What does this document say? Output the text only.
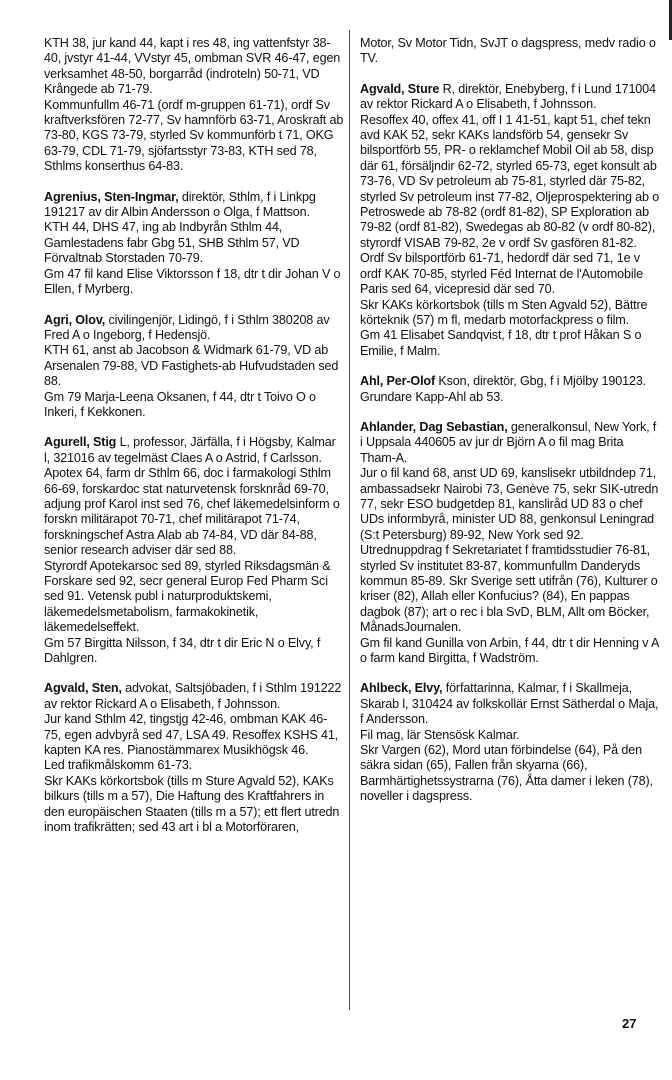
KTH 38, jur kand 44, kapt i res 48, ing vattenfstyr 38-40, jvstyr 41-44, VVstyr 45, ombman SVR 46-47, egen verksamhet 48-50, borgarråd (indroteln) 50-71, VD Krångede ab 71-79.

Kommunfullm 46-71 (ordf m-gruppen 61-71), ordf Sv kraftverksfören 72-77, Sv hamnförb 63-71, Aroskraft ab 73-80, KGS 73-79, styrled Sv kommunförb t 71, OKG 63-79, CDL 71-79, sjöfartsstyr 73-83, KTH sed 78, Sthlms konserthus 64-83.

Agrenius, Sten-Ingmar, direktör, Sthlm, f i Linkpg 191217 av dir Albin Andersson o Olga, f Mattson.

KTH 44, DHS 47, ing ab Indbyrån Sthlm 44, Gamlestadens fabr Gbg 51, SHB Sthlm 57, VD Förvaltnab Storstaden 70-79.

Gm 47 fil kand Elise Viktorsson f 18, dtr t dir Johan V o Ellen, f Myrberg.

Agri, Olov, civilingenjör, Lidingö, f i Sthlm 380208 av Fred A o Ingeborg, f Hedensjö.

KTH 61, anst ab Jacobson & Widmark 61-79, VD ab Arsenalen 79-88, VD Fastighets-ab Hufvudstaden sed 88.

Gm 79 Marja-Leena Oksanen, f 44, dtr t Toivo O o Inkeri, f Kekkonen.

Agurell, Stig L, professor, Järfälla, f i Högsby, Kalmar l, 321016 av tegelmäst Claes A o Astrid, f Carlsson.

Apotex 64, farm dr Sthlm 66, doc i farmakologi Sthlm 66-69, forskardoc stat naturvetensk forsknråd 69-70, adjung prof Karol inst sed 76, chef läkemedelsinform o forskn militärapot 70-71, chef militärapot 71-74, forskningschef Astra Alab ab 74-84, VD där 84-88, senior research adviser där sed 88.

Styrordf Apotekarsoc sed 89, styrled Riksdagsmän & Forskare sed 92, secr general Europ Fed Pharm Sci sed 91. Vetensk publ i naturproduktskemi, läkemedelsmetabolism, farmakokinetik, läkemedelseffekt.

Gm 57 Birgitta Nilsson, f 34, dtr t dir Eric N o Elvy, f Dahlgren.

Agvald, Sten, advokat, Saltsjöbaden, f i Sthlm 191222 av rektor Rickard A o Elisabeth, f Johnsson.

Jur kand Sthlm 42, tingstjg 42-46, ombman KAK 46-75, egen advbyrå sed 47, LSA 49. Resoffex KSHS 41, kapten KA res. Pianostämmarex Musikhögsk 46.

Led trafikmålskomm 61-73.

Skr KAKs körkortsbok (tills m Sture Agvald 52), KAKs bilkurs (tills m a 57), Die Haftung des Kraftfahrers in den europäischen Staaten (tills m a 57); ett flert utredn inom trafikrätten; sed 43 art i bl a Motorföraren,

Motor, Sv Motor Tidn, SvJT o dagspress, medv radio o TV.

Agvald, Sture R, direktör, Enebyberg, f i Lund 171004 av rektor Rickard A o Elisabeth, f Johnsson.

Resoffex 40, offex 41, off I 1 41-51, kapt 51, chef tekn avd KAK 52, sekr KAKs landsförb 54, gensekr Sv bilsportförb 55, PR- o reklamchef Mobil Oil ab 58, disp där 61, försäljndir 62-72, styrled 65-73, eget konsult ab 73-76, VD Sv petroleum ab 75-81, styrled där 75-82, styrled Sv petroleum inst 77-82, Oljeprospektering ab o Petroswede ab 78-82 (ordf 81-82), SP Exploration ab 79-82 (ordf 81-82), Swedegas ab 80-82 (v ordf 80-82), styrordf VISAB 79-82, 2e v ordf Sv gasfören 81-82.

Ordf Sv bilsportförb 61-71, hedordf där sed 71, 1e v ordf KAK 70-85, styrled Féd Internat de l'Automobile Paris sed 64, vicepresid där sed 70.

Skr KAKs körkortsbok (tills m Sten Agvald 52), Bättre körteknik (57) m fl, medarb motorfackpress o film.

Gm 41 Elisabet Sandqvist, f 18, dtr t prof Håkan S o Emilie, f Malm.

Ahl, Per-Olof Kson, direktör, Gbg, f i Mjölby 190123.

Grundare Kapp-Ahl ab 53.

Ahlander, Dag Sebastian, generalkonsul, New York, f i Uppsala 440605 av jur dr Björn A o fil mag Brita Tham-A.

Jur o fil kand 68, anst UD 69, kanslisekr utbildndep 71, ambassadsekr Nairobi 73, Genève 75, sekr SIK-utredn 77, sekr ESO budgetdep 81, kanslіråd UD 83 o chef UDs informbyrå, minister UD 88, genkonsul Leningrad (S:t Petersburg) 89-92, New York sed 92.

Utrednuppdrag f Sekretariatet f framtidsstudier 76-81, styrled Sv institutet 83-87, kommunfullm Danderyds kommun 85-89. Skr Sverige sett utifrån (76), Kulturer o kriser (82), Allah eller Konfucius? (84), En pappas dagbok (87); art o rec i bla SvD, BLM, Allt om Böcker, MånadsJournalen.

Gm fil kand Gunilla von Arbin, f 44, dtr t dir Henning v A o farm kand Birgitta, f Wadström.

Ahlbeck, Elvy, författarinna, Kalmar, f i Skallmeja, Skarab l, 310424 av folkskollär Ernst Sätherdal o Maja, f Andersson.

Fil mag, lär Stensösk Kalmar.

Skr Vargen (62), Mord utan förbindelse (64), På den säkra sidan (65), Fallen från skyarna (66), Barmhärtighetssystrarna (76), Åtta damer i leken (78), noveller i dagspress.

27
